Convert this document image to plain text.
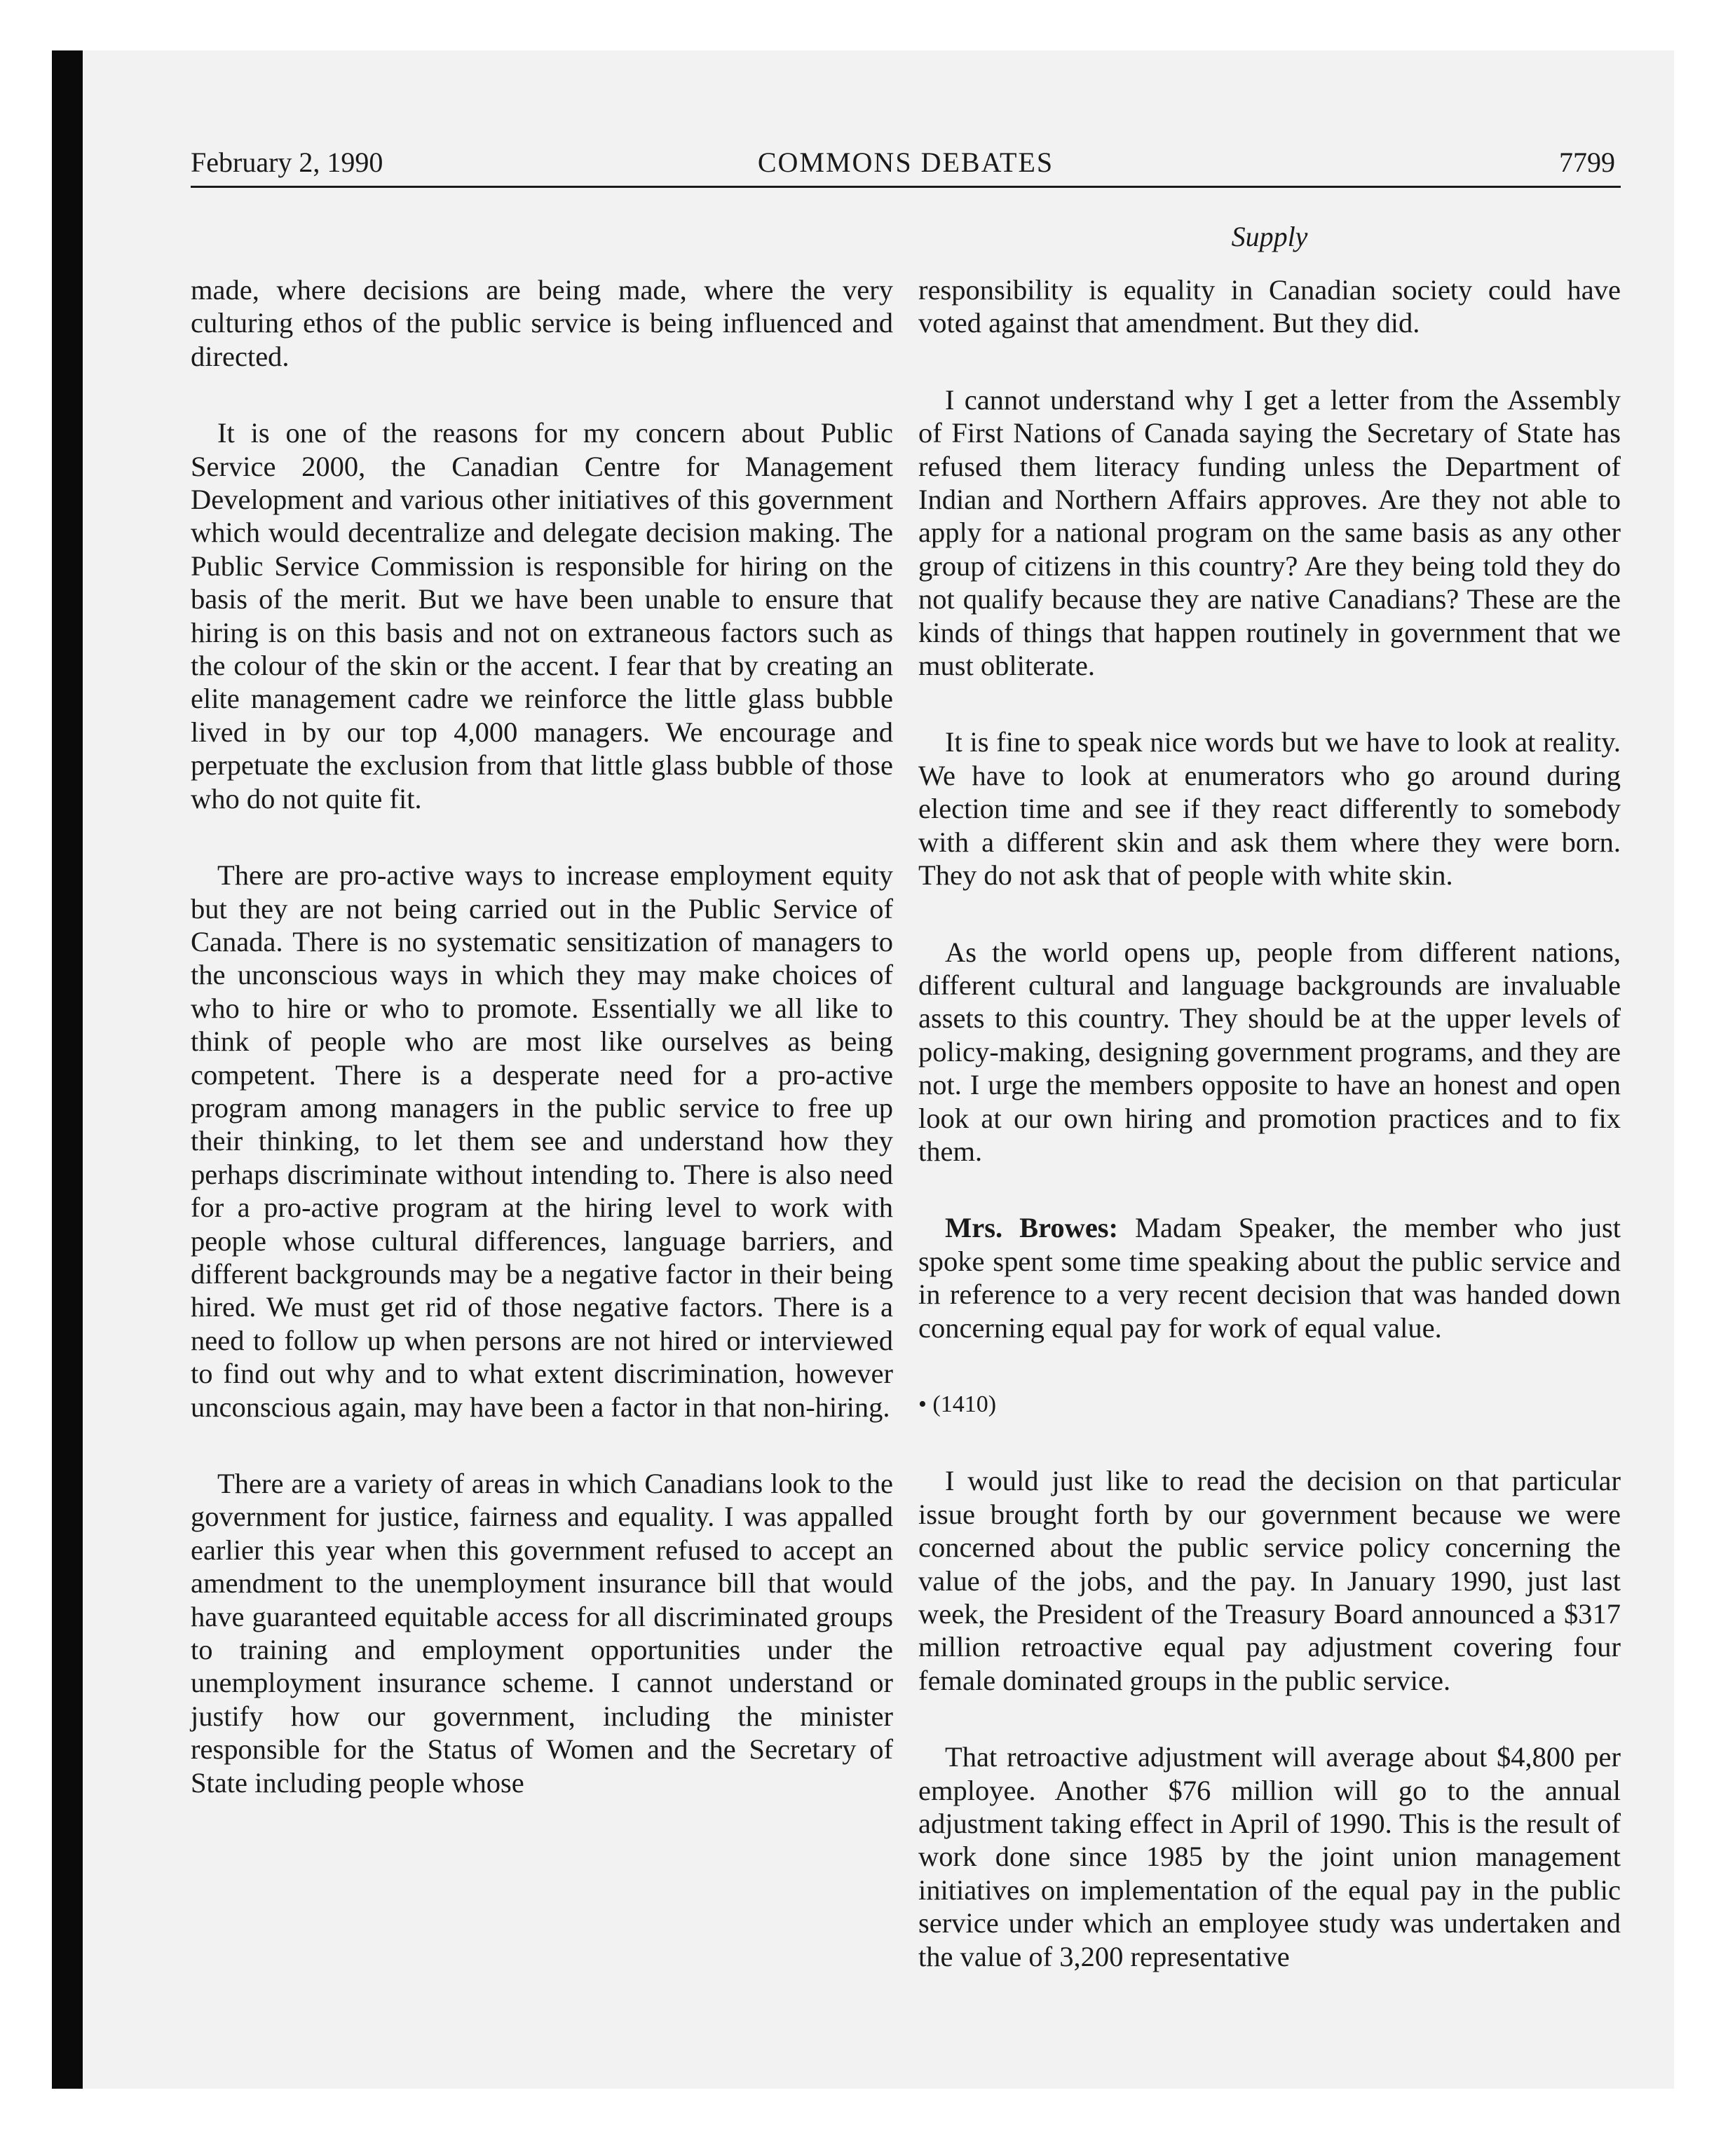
February 2, 1990	COMMONS DEBATES	7799
Supply

made, where decisions are being made, where the very culturing ethos of the public service is being influenced and directed.

It is one of the reasons for my concern about Public Service 2000, the Canadian Centre for Management Development and various other initiatives of this government which would decentralize and delegate decision making. The Public Service Commission is responsible for hiring on the basis of the merit. But we have been unable to ensure that hiring is on this basis and not on extraneous factors such as the colour of the skin or the accent. I fear that by creating an elite management cadre we reinforce the little glass bubble lived in by our top 4,000 managers. We encourage and perpetuate the exclusion from that little glass bubble of those who do not quite fit.

There are pro-active ways to increase employment equity but they are not being carried out in the Public Service of Canada. There is no systematic sensitization of managers to the unconscious ways in which they may make choices of who to hire or who to promote. Essentially we all like to think of people who are most like ourselves as being competent. There is a desperate need for a pro-active program among managers in the public service to free up their thinking, to let them see and understand how they perhaps discriminate without intending to. There is also need for a pro-active program at the hiring level to work with people whose cultural differences, language barriers, and different backgrounds may be a negative factor in their being hired. We must get rid of those negative factors. There is a need to follow up when persons are not hired or interviewed to find out why and to what extent discrimination, however unconscious again, may have been a factor in that non-hiring.

There are a variety of areas in which Canadians look to the government for justice, fairness and equality. I was appalled earlier this year when this government refused to accept an amendment to the unemployment insurance bill that would have guaranteed equitable access for all discriminated groups to training and employment opportunities under the unemployment insurance scheme. I cannot understand or justify how our government, including the minister responsible for the Status of Women and the Secretary of State including people whose

responsibility is equality in Canadian society could have voted against that amendment. But they did.

I cannot understand why I get a letter from the Assembly of First Nations of Canada saying the Secretary of State has refused them literacy funding unless the Department of Indian and Northern Affairs approves. Are they not able to apply for a national program on the same basis as any other group of citizens in this country? Are they being told they do not qualify because they are native Canadians? These are the kinds of things that happen routinely in government that we must obliterate.

It is fine to speak nice words but we have to look at reality. We have to look at enumerators who go around during election time and see if they react differently to somebody with a different skin and ask them where they were born. They do not ask that of people with white skin.

As the world opens up, people from different nations, different cultural and language backgrounds are invaluable assets to this country. They should be at the upper levels of policy-making, designing government programs, and they are not. I urge the members opposite to have an honest and open look at our own hiring and promotion practices and to fix them.

Mrs. Browes: Madam Speaker, the member who just spoke spent some time speaking about the public service and in reference to a very recent decision that was handed down concerning equal pay for work of equal value.

• (1410)

I would just like to read the decision on that particular issue brought forth by our government because we were concerned about the public service policy concerning the value of the jobs, and the pay. In January 1990, just last week, the President of the Treasury Board announced a $317 million retroactive equal pay adjustment covering four female dominated groups in the public service.

That retroactive adjustment will average about $4,800 per employee. Another $76 million will go to the annual adjustment taking effect in April of 1990. This is the result of work done since 1985 by the joint union management initiatives on implementation of the equal pay in the public service under which an employee study was undertaken and the value of 3,200 representative
